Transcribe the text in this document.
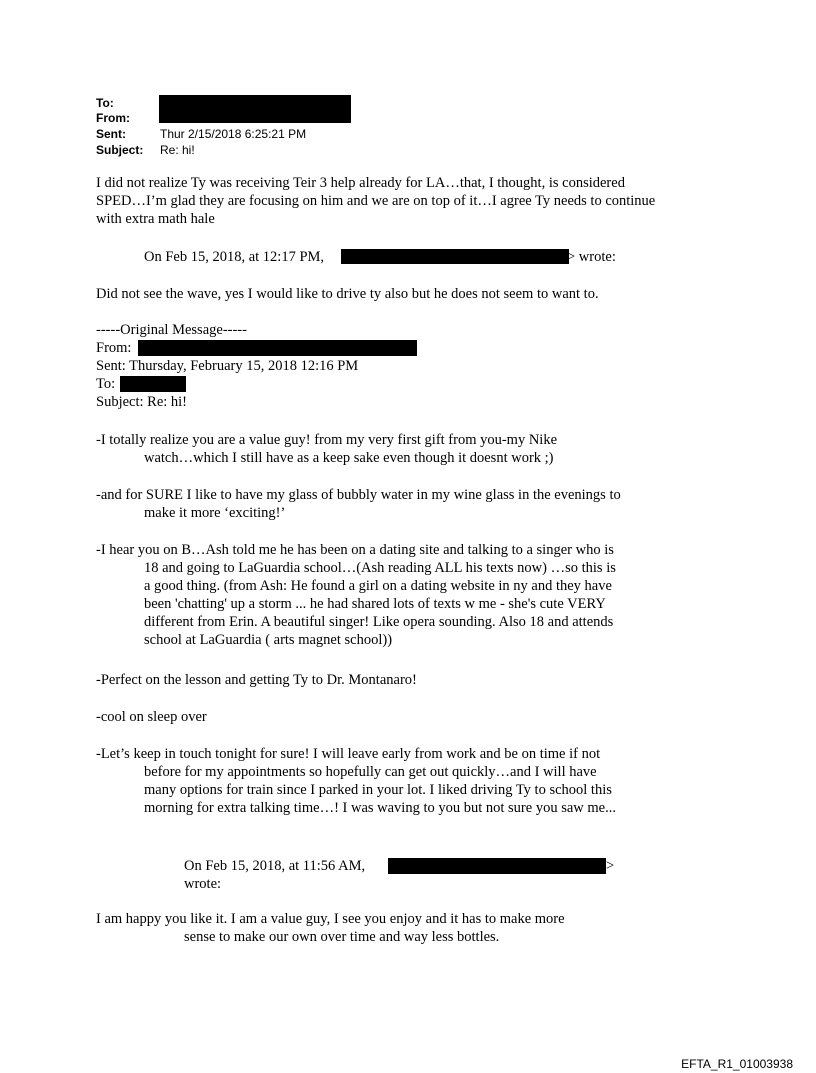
To:
From:
Sent:	Thur 2/15/2018 6:25:21 PM
Subject: Re: hi!
I did not realize Ty was receiving Teir 3 help already for LA…that, I thought, is considered
SPED…I’m glad they are focusing on him and we are on top of it…I agree Ty needs to continue
with extra math hale
On Feb 15, 2018, at 12:17 PM,	> wrote:
Did not see the wave, yes I would like to drive ty also but he does not seem to want to.
-----Original Message-----
From:
Sent: Thursday, February 15, 2018 12:16 PM
To:
Subject: Re: hi!
-I totally realize you are a value guy! from my very first gift from you-my Nike
watch…which I still have as a keep sake even though it doesnt work ;)
-and for SURE I like to have my glass of bubbly water in my wine glass in the evenings to
make it more ‘exciting!’
-I hear you on B…Ash told me he has been on a dating site and talking to a singer who is
18 and going to LaGuardia school…(Ash reading ALL his texts now) …so this is
a good thing. (from Ash: He found a girl on a dating website in ny and they have
been 'chatting' up a storm ... he had shared lots of texts w me - she's cute VERY
different from Erin. A beautiful singer! Like opera sounding. Also 18 and attends
school at LaGuardia ( arts magnet school))
-Perfect on the lesson and getting Ty to Dr. Montanaro!
-cool on sleep over
-Let’s keep in touch tonight for sure! I will leave early from work and be on time if not
before for my appointments so hopefully can get out quickly…and I will have
many options for train since I parked in your lot. I liked driving Ty to school this
morning for extra talking time…! I was waving to you but not sure you saw me...
On Feb 15, 2018, at 11:56 AM,	>
wrote:
I am happy you like it. I am a value guy, I see you enjoy and it has to make more
sense to make our own over time and way less bottles.
EFTA_R1_01003938
